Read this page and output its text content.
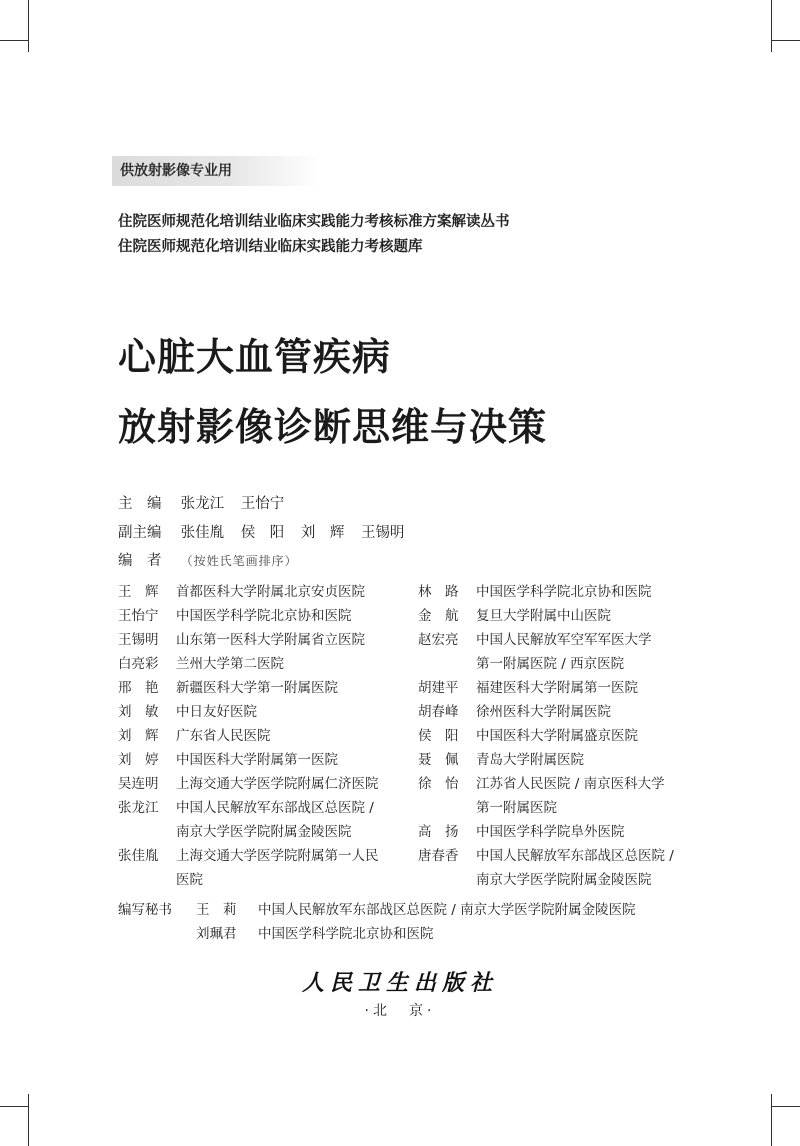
供放射影像专业用
住院医师规范化培训结业临床实践能力考核标准方案解读丛书
住院医师规范化培训结业临床实践能力考核题库
心脏大血管疾病
放射影像诊断思维与决策
主　编 张龙江 王怡宁
副主编 张佳胤 侯　阳 刘　辉 王锡明
编　者 （按姓氏笔画排序）
王　辉	首都医科大学附属北京安贞医院
王怡宁	中国医学科学院北京协和医院
王锡明	山东第一医科大学附属省立医院
白亮彩	兰州大学第二医院
邢　艳	新疆医科大学第一附属医院
刘　敏	中日友好医院
刘　辉	广东省人民医院
刘　婷	中国医科大学附属第一医院
吴连明	上海交通大学医学院附属仁济医院
张龙江	中国人民解放军东部战区总医院 /
南京大学医学院附属金陵医院
张佳胤	上海交通大学医学院附属第一人民
医院
林　路	中国医学科学院北京协和医院
金　航	复旦大学附属中山医院
赵宏亮	中国人民解放军空军军医大学
第一附属医院 / 西京医院
胡建平	福建医科大学附属第一医院
胡春峰	徐州医科大学附属医院
侯　阳	中国医科大学附属盛京医院
聂　佩	青岛大学附属医院
徐　怡	江苏省人民医院 / 南京医科大学
第一附属医院
高　扬	中国医学科学院阜外医院
唐春香	中国人民解放军东部战区总医院 /
南京大学医学院附属金陵医院
编写秘书	王　莉	中国人民解放军东部战区总医院 / 南京大学医学院附属金陵医院
刘珮君	中国医学科学院北京协和医院
人民卫生出版社
·北　京·
